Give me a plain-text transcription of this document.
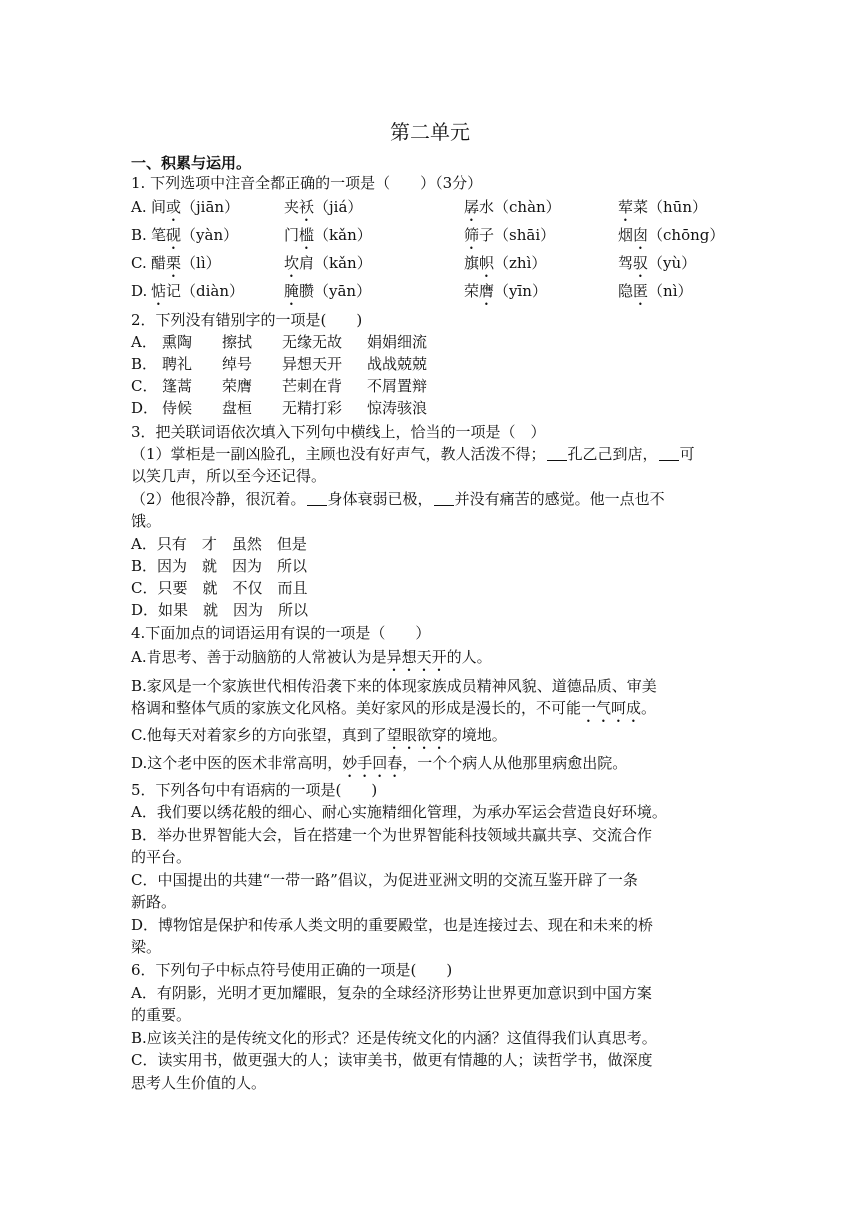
第二单元
一、积累与运用。
1. 下列选项中注音全都正确的一项是（　　）（3分）
A. 间或（jiān）	夹袄（jiá）	孱水（chàn）	荤菜（hūn）
B. 笔砚（yàn）	门槛（kǎn）	筛子（shāi）	烟囱（chōng）
C. 醋栗（lì）	坎肩（kǎn）	旗帜（zhì）	驾驭（yù）
D. 惦记（diàn）	腌臜（yān）	荣膺（yīn）	隐匿（nì）
2．下列没有错别字的一项是(　　)
A． 熏陶 擦拭 无缘无故 娟娟细流
B． 聘礼 绰号 异想天开 战战兢兢
C． 篷蒿 荣膺 芒刺在背 不屑置辩
D． 侍候 盘桓 无精打彩 惊涛骇浪
3．把关联词语依次填入下列句中横线上，恰当的一项是（　）
（1）掌柜是一副凶脸孔，主顾也没有好声气，教人活泼不得； 孔乙己到店， 可
以笑几声，所以至今还记得。
（2）他很冷静，很沉着。 身体衰弱已极， 并没有痛苦的感觉。他一点也不
饿。
A．只有　才　虽然　但是
B．因为　就　因为　所以
C．只要　就　不仅　而且
D．如果　就　因为　所以
4.下面加点的词语运用有误的一项是（　　）
A.肯思考、善于动脑筋的人常被认为是异想天开的人。
B.家风是一个家族世代相传沿袭下来的体现家族成员精神风貌、道德品质、审美
格调和整体气质的家族文化风格。美好家风的形成是漫长的，不可能一气呵成。
C.他每天对着家乡的方向张望，真到了望眼欲穿的境地。
D.这个老中医的医术非常高明，妙手回春，一个个病人从他那里病愈出院。
5．下列各句中有语病的一项是(　　)
A．我们要以绣花般的细心、耐心实施精细化管理，为承办军运会营造良好环境。
B．举办世界智能大会，旨在搭建一个为世界智能科技领域共赢共享、交流合作
的平台。
C．中国提出的共建“一带一路”倡议，为促进亚洲文明的交流互鉴开辟了一条
新路。
D．博物馆是保护和传承人类文明的重要殿堂，也是连接过去、现在和未来的桥
梁。
6．下列句子中标点符号使用正确的一项是(　　)
A．有阴影，光明才更加耀眼，复杂的全球经济形势让世界更加意识到中国方案
的重要。
B.应该关注的是传统文化的形式？还是传统文化的内涵？这值得我们认真思考。
C．读实用书，做更强大的人；读审美书，做更有情趣的人；读哲学书，做深度
思考人生价值的人。
